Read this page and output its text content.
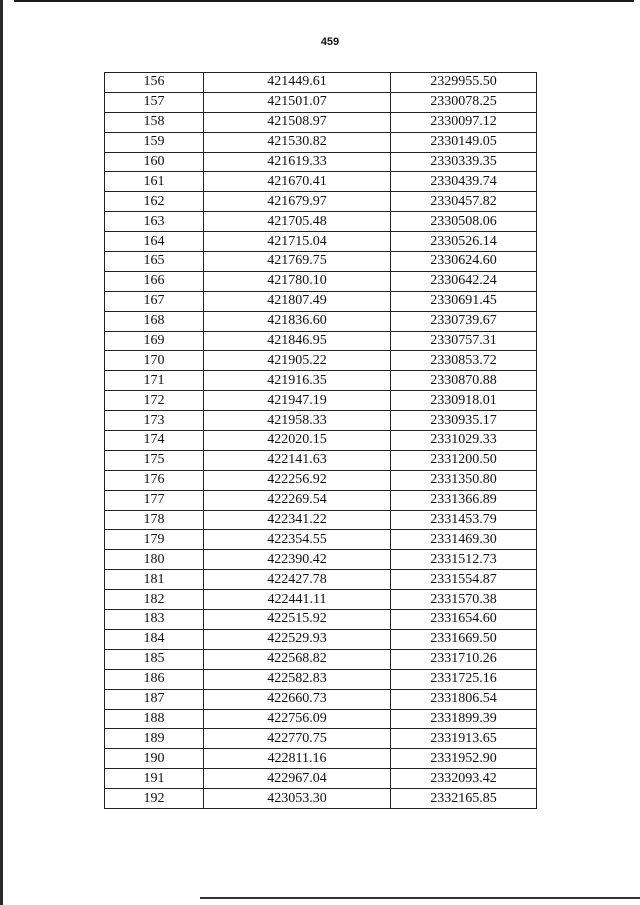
459
156	421449.61	2329955.50
157	421501.07	2330078.25
158	421508.97	2330097.12
159	421530.82	2330149.05
160	421619.33	2330339.35
161	421670.41	2330439.74
162	421679.97	2330457.82
163	421705.48	2330508.06
164	421715.04	2330526.14
165	421769.75	2330624.60
166	421780.10	2330642.24
167	421807.49	2330691.45
168	421836.60	2330739.67
169	421846.95	2330757.31
170	421905.22	2330853.72
171	421916.35	2330870.88
172	421947.19	2330918.01
173	421958.33	2330935.17
174	422020.15	2331029.33
175	422141.63	2331200.50
176	422256.92	2331350.80
177	422269.54	2331366.89
178	422341.22	2331453.79
179	422354.55	2331469.30
180	422390.42	2331512.73
181	422427.78	2331554.87
182	422441.11	2331570.38
183	422515.92	2331654.60
184	422529.93	2331669.50
185	422568.82	2331710.26
186	422582.83	2331725.16
187	422660.73	2331806.54
188	422756.09	2331899.39
189	422770.75	2331913.65
190	422811.16	2331952.90
191	422967.04	2332093.42
192	423053.30	2332165.85
